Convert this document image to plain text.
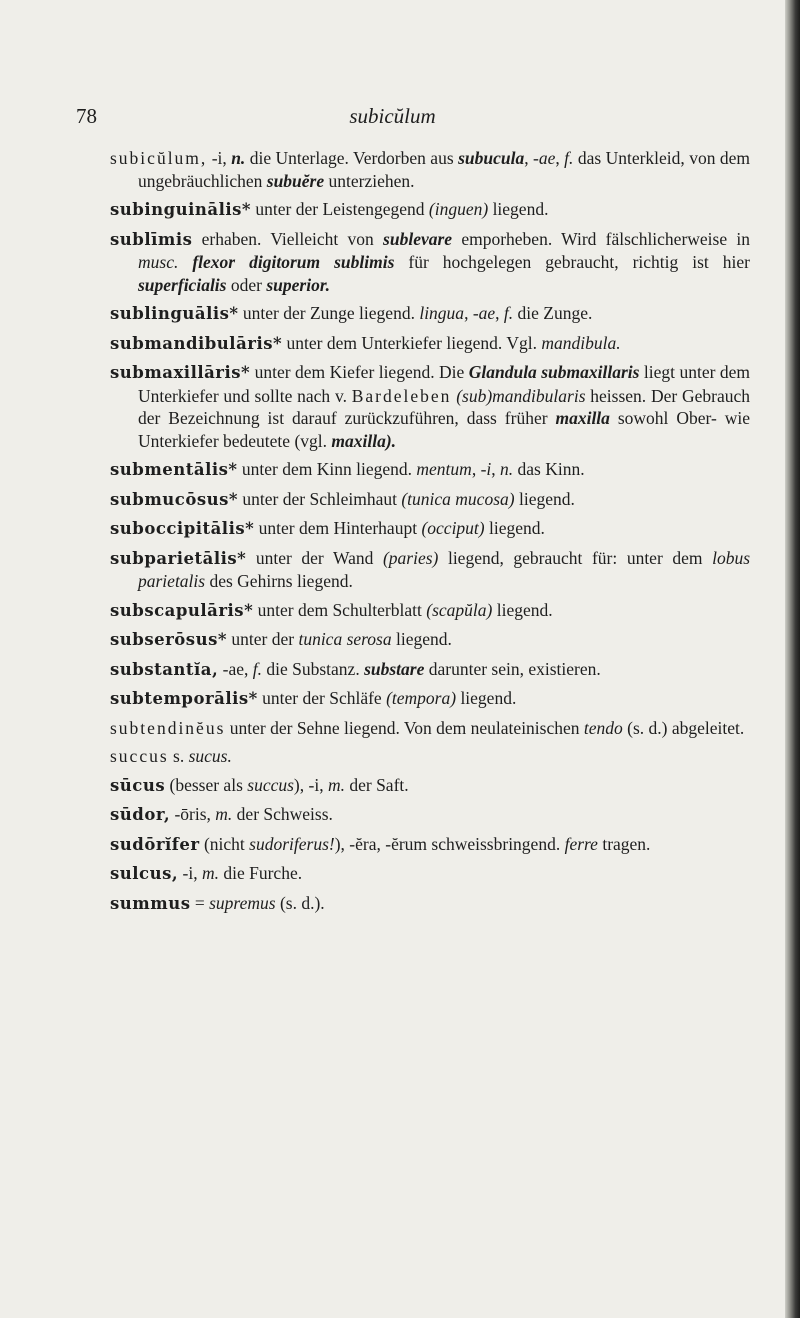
78	subicŭlum

subicŭlum, -i, n. die Unterlage. Verdorben aus subucula, -ae, f. das Unterkleid, von dem ungebräuchlichen subuĕre unterziehen.

subinguinālis* unter der Leistengegend (inguen) liegend.

sublīmis erhaben. Vielleicht von sublevare emporheben. Wird fälschlicherweise in musc. flexor digitorum sublimis für hochgelegen gebraucht, richtig ist hier superficialis oder superior.

sublinguālis* unter der Zunge liegend. lingua, -ae, f. die Zunge.

submandibulāris* unter dem Unterkiefer liegend. Vgl. mandibula.

submaxillāris* unter dem Kiefer liegend. Die Glandula submaxillaris liegt unter dem Unterkiefer und sollte nach v. Bardeleben (sub)mandibularis heissen. Der Gebrauch der Bezeichnung ist darauf zurückzuführen, dass früher maxilla sowohl Ober- wie Unterkiefer bedeutete (vgl. maxilla).

submentālis* unter dem Kinn liegend. mentum, -i, n. das Kinn.

submucōsus* unter der Schleimhaut (tunica mucosa) liegend.

suboccipitālis* unter dem Hinterhaupt (occiput) liegend.

subparietālis* unter der Wand (paries) liegend, gebraucht für: unter dem lobus parietalis des Gehirns liegend.

subscapulāris* unter dem Schulterblatt (scapŭla) liegend.

subserōsus* unter der tunica serosa liegend.

substantĭa, -ae, f. die Substanz. substare darunter sein, existieren.

subtemporālis* unter der Schläfe (tempora) liegend.

subtendinĕus unter der Sehne liegend. Von dem neulateinischen tendo (s. d.) abgeleitet.

succus s. sucus.

sūcus (besser als succus), -i, m. der Saft.

sūdor, -ōris, m. der Schweiss.

sudōrĭfer (nicht sudoriferus!), -ĕra, -ĕrum schweissbringend. ferre tragen.

sulcus, -i, m. die Furche.

summus = supremus (s. d.).
